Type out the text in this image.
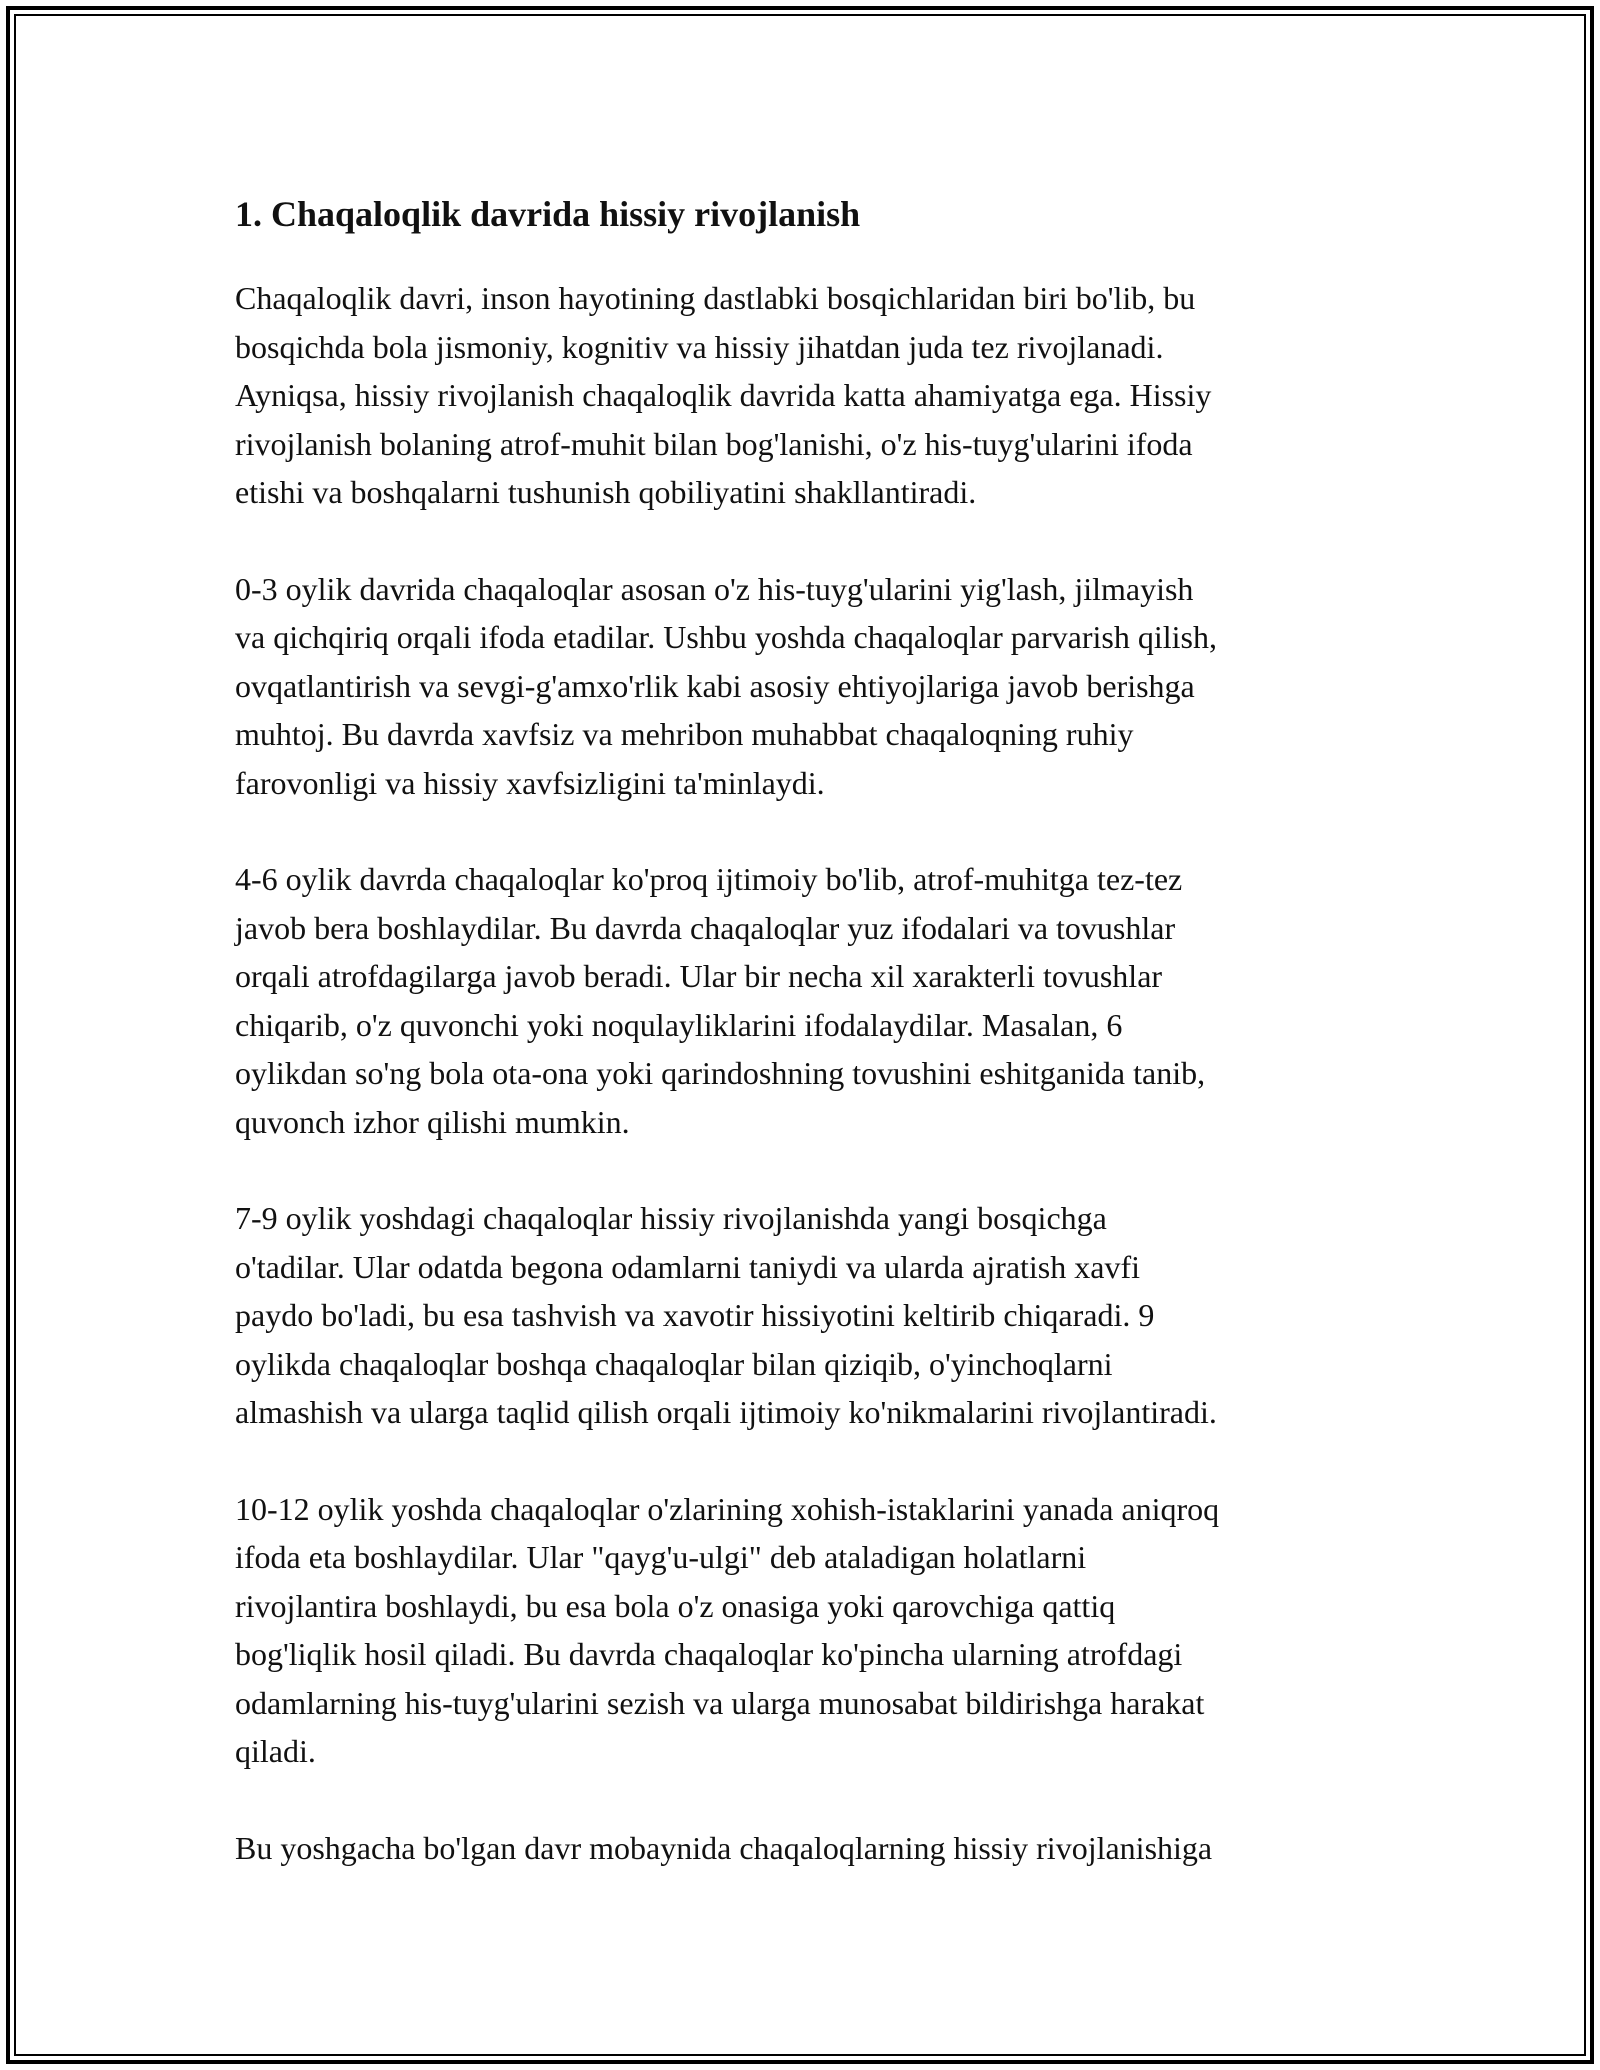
1. Chaqaloqlik davrida hissiy rivojlanish

Chaqaloqlik davri, inson hayotining dastlabki bosqichlaridan biri bo'lib, bu
bosqichda bola jismoniy, kognitiv va hissiy jihatdan juda tez rivojlanadi.
Ayniqsa, hissiy rivojlanish chaqaloqlik davrida katta ahamiyatga ega. Hissiy
rivojlanish bolaning atrof-muhit bilan bog'lanishi, o'z his-tuyg'ularini ifoda
etishi va boshqalarni tushunish qobiliyatini shakllantiradi.

0-3 oylik davrida chaqaloqlar asosan o'z his-tuyg'ularini yig'lash, jilmayish
va qichqiriq orqali ifoda etadilar. Ushbu yoshda chaqaloqlar parvarish qilish,
ovqatlantirish va sevgi-g'amxo'rlik kabi asosiy ehtiyojlariga javob berishga
muhtoj. Bu davrda xavfsiz va mehribon muhabbat chaqaloqning ruhiy
farovonligi va hissiy xavfsizligini ta'minlaydi.

4-6 oylik davrda chaqaloqlar ko'proq ijtimoiy bo'lib, atrof-muhitga tez-tez
javob bera boshlaydilar. Bu davrda chaqaloqlar yuz ifodalari va tovushlar
orqali atrofdagilarga javob beradi. Ular bir necha xil xarakterli tovushlar
chiqarib, o'z quvonchi yoki noqulayliklarini ifodalaydilar. Masalan, 6
oylikdan so'ng bola ota-ona yoki qarindoshning tovushini eshitganida tanib,
quvonch izhor qilishi mumkin.

7-9 oylik yoshdagi chaqaloqlar hissiy rivojlanishda yangi bosqichga
o'tadilar. Ular odatda begona odamlarni taniydi va ularda ajratish xavfi
paydo bo'ladi, bu esa tashvish va xavotir hissiyotini keltirib chiqaradi. 9
oylikda chaqaloqlar boshqa chaqaloqlar bilan qiziqib, o'yinchoqlarni
almashish va ularga taqlid qilish orqali ijtimoiy ko'nikmalarini rivojlantiradi.

10-12 oylik yoshda chaqaloqlar o'zlarining xohish-istaklarini yanada aniqroq
ifoda eta boshlaydilar. Ular "qayg'u-ulgi" deb ataladigan holatlarni
rivojlantira boshlaydi, bu esa bola o'z onasiga yoki qarovchiga qattiq
bog'liqlik hosil qiladi. Bu davrda chaqaloqlar ko'pincha ularning atrofdagi
odamlarning his-tuyg'ularini sezish va ularga munosabat bildirishga harakat
qiladi.

Bu yoshgacha bo'lgan davr mobaynida chaqaloqlarning hissiy rivojlanishiga
